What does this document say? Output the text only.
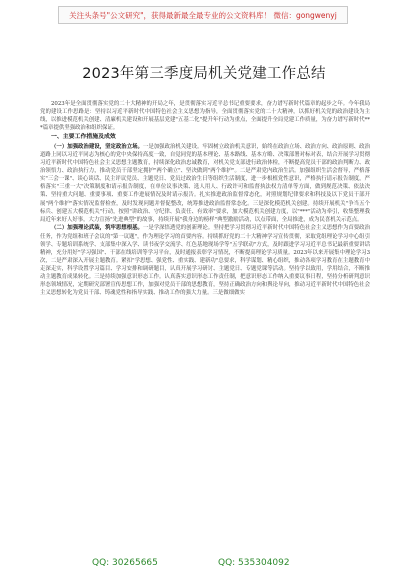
关注头条号"公文研究"，获得最新最全最专业的公文资料库！ 微信：gongwenyj
2023年第三季度局机关党建工作总结

2023年是全面贯彻落实党的二十大精神的开局之年，是贯彻落实习近平总书记重要要求，奋力谱写新时代篇章的起步之年。今年我局党的建设工作思路是：坚持以习近平新时代中国特色社会主义思想为指导，全面贯彻落实党的二十大精神，以抓好机关党的政治建设为主线，以推进模范机关创建、清廉机关建设和开展基层党建"五基二化"提升年行动为重点，全面提升全局党建工作质量，为奋力谱写新时代***篇章提供坚强政治和组织保证。

一、主要工作措施及成效

（一）加强政治建设，坚定政治立场。一是加强政治机关建设。牢固树立政治机关意识，始终在政治立场、政治方向、政治原则、政治道路上同以习近平同志为核心的党中央保持高度一致，自觉同党的基本理论、基本路线、基本方略、决策部署对标对表，结合开展学习贯彻习近平新时代中国特色社会主义思想主题教育，持续深化政治忠诚教育，对机关党支部进行政治体检，不断提高党员干部的政治判断力、政治领悟力、政治执行力，推动党员干部坚定拥护"两个确立"、坚决做到"两个维护"。二是严肃党内政治生活。加强组织生活会督导，严格落实"三会一课"、谈心谈话、民主评议党员、主题党日、党员过政治生日等组织生活制度，进一步根植党性意识，严格执行请示报告制度，严格落实"三重一大"决策制度和请示报告制度，在单位议事决策、选人用人、行政许可和监督执法权力清单等方面，做到规范决策、依法决策、坚持重大问题、重要事项、重要工作进展情况及时请示报告。扎实推进政治监督常态化，对照规划纪律要求和科技及以下党员干部开展"两个维护"落实情况监督检查，及时发现问题并督促整改，统筹推进政治监督常态化。三是深化模范机关创建。持续开展机关"争当五个标兵、创建五大模范机关"行动，按照"讲政治、守纪律、负责任、有效率"要求，加大模范机关创建力度，以"***"活动为牵引，收集整理我局近年来好人好事，大力宣扬"先进典型"的故事，持续开展"我身边的榜样"典型激励活动，以点带面，全局推进，成为民喜机关示范点。

（二）加强理论武装，筑牢思想根基。一是学深悟透党的创新理论。坚持把学习贯彻习近平新时代中国特色社会主义思想作为首要政治任务，作为党组和班子会议的"第一议题"，作为理论学习的首要内容。持续抓好党的二十大精神学习宣传贯彻，采取党组理论学习中心组引领学、专题培训系统学、支部集中深入学、读书夜学交流学、红色基地现场学等"五学联动"方式，及时跟进学习习近平总书记最新重要讲话精神，充分用好"学习强国"、干部在线培训等学习平台，及时通报表彰学习情况，不断提高理论学习质量。2023年以来开展集中理论学习3次，二是严肃深入开展主题教育。紧扣"学思想、强党性、重实践、建新功"总要求，科学谋划、精心组织，推动各项学习教育在主题教育中走深走实，科学设置学习篇目、学习安排和调研题目，认真开展学习研讨、主题党日、专题党课等活动。坚持学以致用，学用结合，不断推动主题教育成果转化。三是持续加强意识形态工作。认真落实意识形态工作责任制，把意识形态工作纳入重要议事日程，坚持分析研判意识形态领域情况，定期研究部署宣传思想工作，加强对党员干部的思想教育，坚持正确政治方向和舆论导向，推动习近平新时代中国特色社会主义思想转化为党员干部、铸魂党性和指导实践、推动工作的强大力量。三是做细做实

QQ: 30265665	QQ: 535304092
